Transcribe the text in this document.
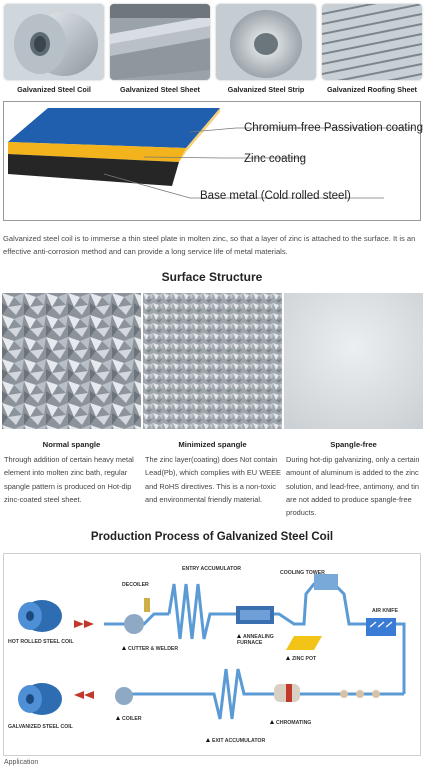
Galvanized Steel Coil	Galvanized Steel Sheet	Galvanized Steel Strip	Galvanized Roofing Sheet
Chromium-free Passivation coating
Zinc coating
Base metal (Cold rolled steel)
Galvanized steel coil is to immerse a thin steel plate in molten zinc, so that a layer of zinc is attached to the surface. It is an effective anti-corrosion method and can provide a long service life of metal materials.
Surface Structure
Normal spangle	Minimized spangle	Spangle-free
Through addition of certain heavy metal element into molten zinc bath, regular spangle pattern is produced on Hot-dip zinc-coated steel sheet.
The zinc layer(coating) does Not contain Lead(Pb), which complies with EU WEEE and RoHS directives. This is a non-toxic and environmental friendly material.
During hot-dip galvanizing, only a certain amount of aluminum is added to the zinc solution, and lead-free, antimony, and tin are not added to produce spangle-free products.
Production Process of Galvanized Steel Coil
HOT ROLLED STEEL COIL
DECOILER
ENTRY ACCUMULATOR
COOLING TOWER
CUTTER & WELDER
ANNEALING
FURNACE
ZINC POT
AIR KNIFE
GALVANIZED STEEL COIL
COILER
EXIT ACCUMULATOR
CHROMATING
Application
